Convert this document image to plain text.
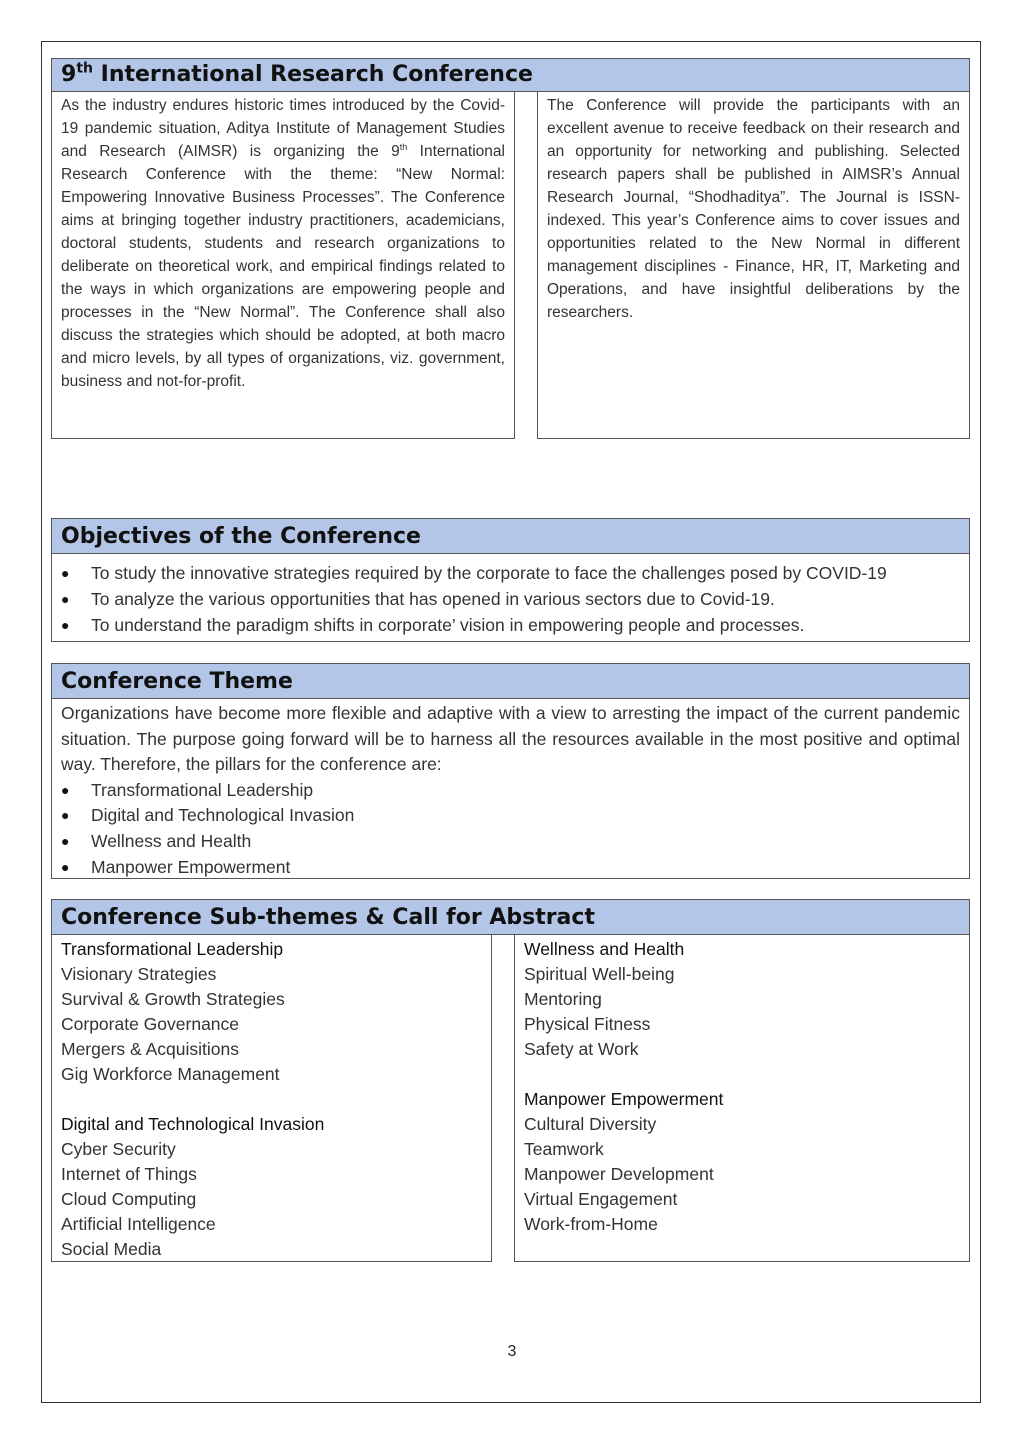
9th International Research Conference

As the industry endures historic times introduced by the Covid-19 pandemic situation, Aditya Institute of Management Studies and Research (AIMSR) is organizing the 9th International Research Conference with the theme: “New Normal: Empowering Innovative Business Processes”. The Conference aims at bringing together industry practitioners, academicians, doctoral students, students and research organizations to deliberate on theoretical work, and empirical findings related to the ways in which organizations are empowering people and processes in the “New Normal”. The Conference shall also discuss the strategies which should be adopted, at both macro and micro levels, by all types of organizations, viz. government, business and not-for-profit.

The Conference will provide the participants with an excellent avenue to receive feedback on their research and an opportunity for networking and publishing. Selected research papers shall be published in AIMSR’s Annual Research Journal, “Shodhaditya”. The Journal is ISSN-indexed. This year’s Conference aims to cover issues and opportunities related to the New Normal in different management disciplines - Finance, HR, IT, Marketing and Operations, and have insightful deliberations by the researchers.

Objectives of the Conference
● To study the innovative strategies required by the corporate to face the challenges posed by COVID-19
● To analyze the various opportunities that has opened in various sectors due to Covid-19.
● To understand the paradigm shifts in corporate’ vision in empowering people and processes.
Conference Theme

Organizations have become more flexible and adaptive with a view to arresting the impact of the current pandemic situation. The purpose going forward will be to harness all the resources available in the most positive and optimal way. Therefore, the pillars for the conference are:

● Transformational Leadership
● Digital and Technological Invasion
● Wellness and Health
● Manpower Empowerment
Conference Sub-themes & Call for Abstract
Transformational Leadership
Visionary Strategies
Survival & Growth Strategies
Corporate Governance
Mergers & Acquisitions
Gig Workforce Management
Digital and Technological Invasion
Cyber Security
Internet of Things
Cloud Computing
Artificial Intelligence
Social Media
Wellness and Health
Spiritual Well-being
Mentoring
Physical Fitness
Safety at Work
Manpower Empowerment
Cultural Diversity
Teamwork
Manpower Development
Virtual Engagement
Work-from-Home
3
